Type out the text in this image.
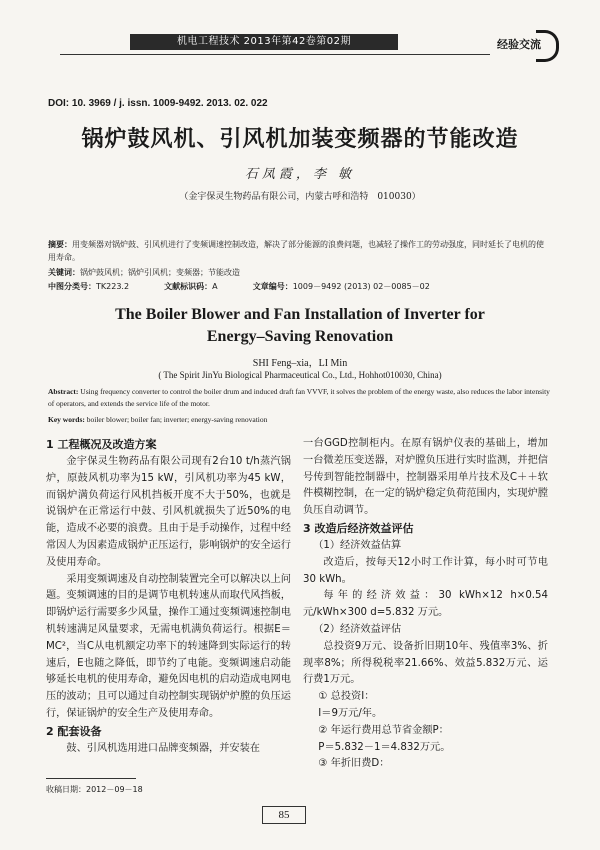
机电工程技术 2013年第42卷第02期	经验交流
DOI: 10. 3969 / j. issn. 1009-9492. 2013. 02. 022
锅炉鼓风机、引风机加装变频器的节能改造
石凤霞，李 敏
（金宇保灵生物药品有限公司，内蒙古呼和浩特　010030）
摘要：用变频器对锅炉鼓、引风机进行了变频调速控制改造，解决了部分能源的浪费问题，也减轻了操作工的劳动强度，同时延长了电机的使用寿命。
关键词：锅炉鼓风机；锅炉引风机；变频器；节能改造
中图分类号：TK223.2	文献标识码：A	文章编号：1009－9492 (2013) 02－0085－02
The Boiler Blower and Fan Installation of Inverter for
Energy–Saving Renovation
SHI Feng–xia，LI Min
( The Spirit JinYu Biological Pharmaceutical Co., Ltd., Hohhot010030, China)
Abstract: Using frequency converter to control the boiler drum and induced draft fan VVVF, it solves the problem of the energy waste, also reduces the labor intensity of operators, and extends the service life of the motor.
Key words: boiler blower; boiler fan; inverter; energy-saving renovation
1 工程概况及改造方案

金宇保灵生物药品有限公司现有2台10 t/h蒸汽锅炉，原鼓风机功率为15 kW，引风机功率为45 kW，而锅炉满负荷运行风机挡板开度不大于50%，也就是说锅炉在正常运行中鼓、引风机就损失了近50%的电能，造成不必要的浪费。且由于是手动操作，过程中经常因人为因素造成锅炉正压运行，影响锅炉的安全运行及使用寿命。

采用变频调速及自动控制装置完全可以解决以上问题。变频调速的目的是调节电机转速从而取代风挡板，即锅炉运行需要多少风量，操作工通过变频调速控制电机转速满足风量要求，无需电机满负荷运行。根据E＝MC²，当C从电机额定功率下的转速降到实际运行的转速后，E也随之降低，即节约了电能。变频调速启动能够延长电机的使用寿命，避免因电机的启动造成电网电压的波动；且可以通过自动控制实现锅炉炉膛的负压运行，保证锅炉的安全生产及使用寿命。

2 配套设备

鼓、引风机选用进口品牌变频器，并安装在

一台GGD控制柜内。在原有锅炉仪表的基础上，增加一台微差压变送器，对炉膛负压进行实时监测，并把信号传到智能控制器中，控制器采用单片技术及C＋＋软件模糊控制，在一定的锅炉稳定负荷范围内，实现炉膛负压自动调节。

3 改造后经济效益评估

（1）经济效益估算

改造后，按每天12小时工作计算，每小时可节电30 kWh。

每年的经济效益：30 kWh×12 h×0.54 元/kWh×300 d=5.832 万元。

（2）经济效益评估

总投资9万元、设备折旧期10年、残值率3%、折现率8%；所得税税率21.66%、效益5.832万元、运行费1万元。

① 总投资I：

I＝9万元/年。

② 年运行费用总节省金额P：

P＝5.832－1＝4.832万元。

③ 年折旧费D：

收稿日期：2012－09－18
85
